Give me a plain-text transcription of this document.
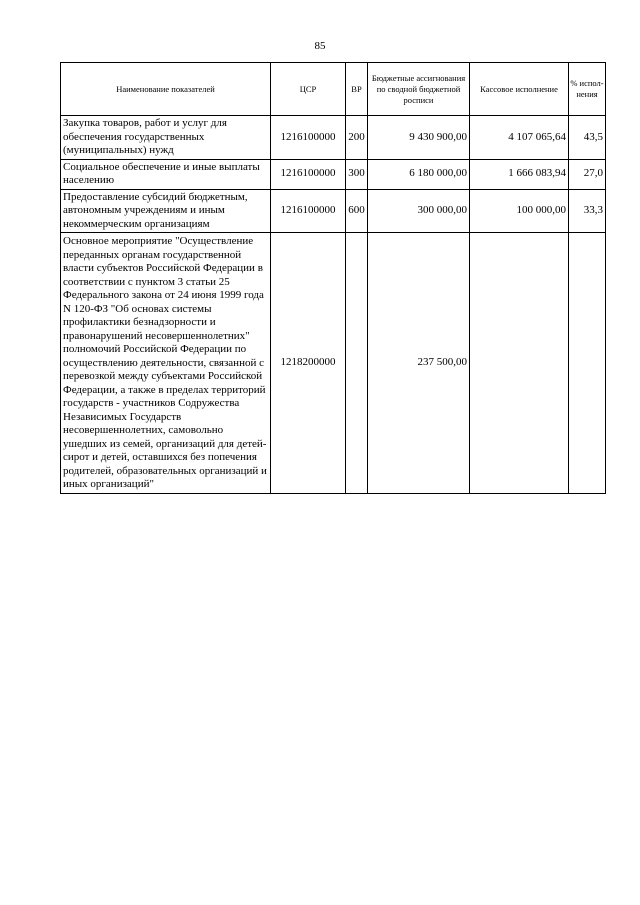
85
Наименование показателей	ЦСР	ВР	Бюджетные ассигнования по сводной бюджетной росписи	Кассовое исполнение	% испол- нения
Закупка товаров, работ и услуг для обеспечения государственных (муниципальных) нужд	1216100000	200	9 430 900,00	4 107 065,64	43,5
Социальное обеспечение и иные выплаты населению	1216100000	300	6 180 000,00	1 666 083,94	27,0
Предоставление субсидий бюджетным, автономным учреждениям и иным некоммерческим организациям	1216100000	600	300 000,00	100 000,00	33,3
Основное мероприятие "Осуществление переданных органам государственной власти субъектов Российской Федерации в соответствии с пунктом 3 статьи 25 Федерального закона от 24 июня 1999 года N 120-ФЗ "Об основах системы профилактики безнадзорности и правонарушений несовершеннолетних" полномочий Российской Федерации по осуществлению деятельности, связанной с перевозкой между субъектами Российской Федерации, а также в пределах территорий государств - участников Содружества Независимых Государств несовершеннолетних, самовольно ушедших из семей, организаций для детей-сирот и детей, оставшихся без попечения родителей, образовательных организаций и иных организаций"	1218200000		237 500,00		
